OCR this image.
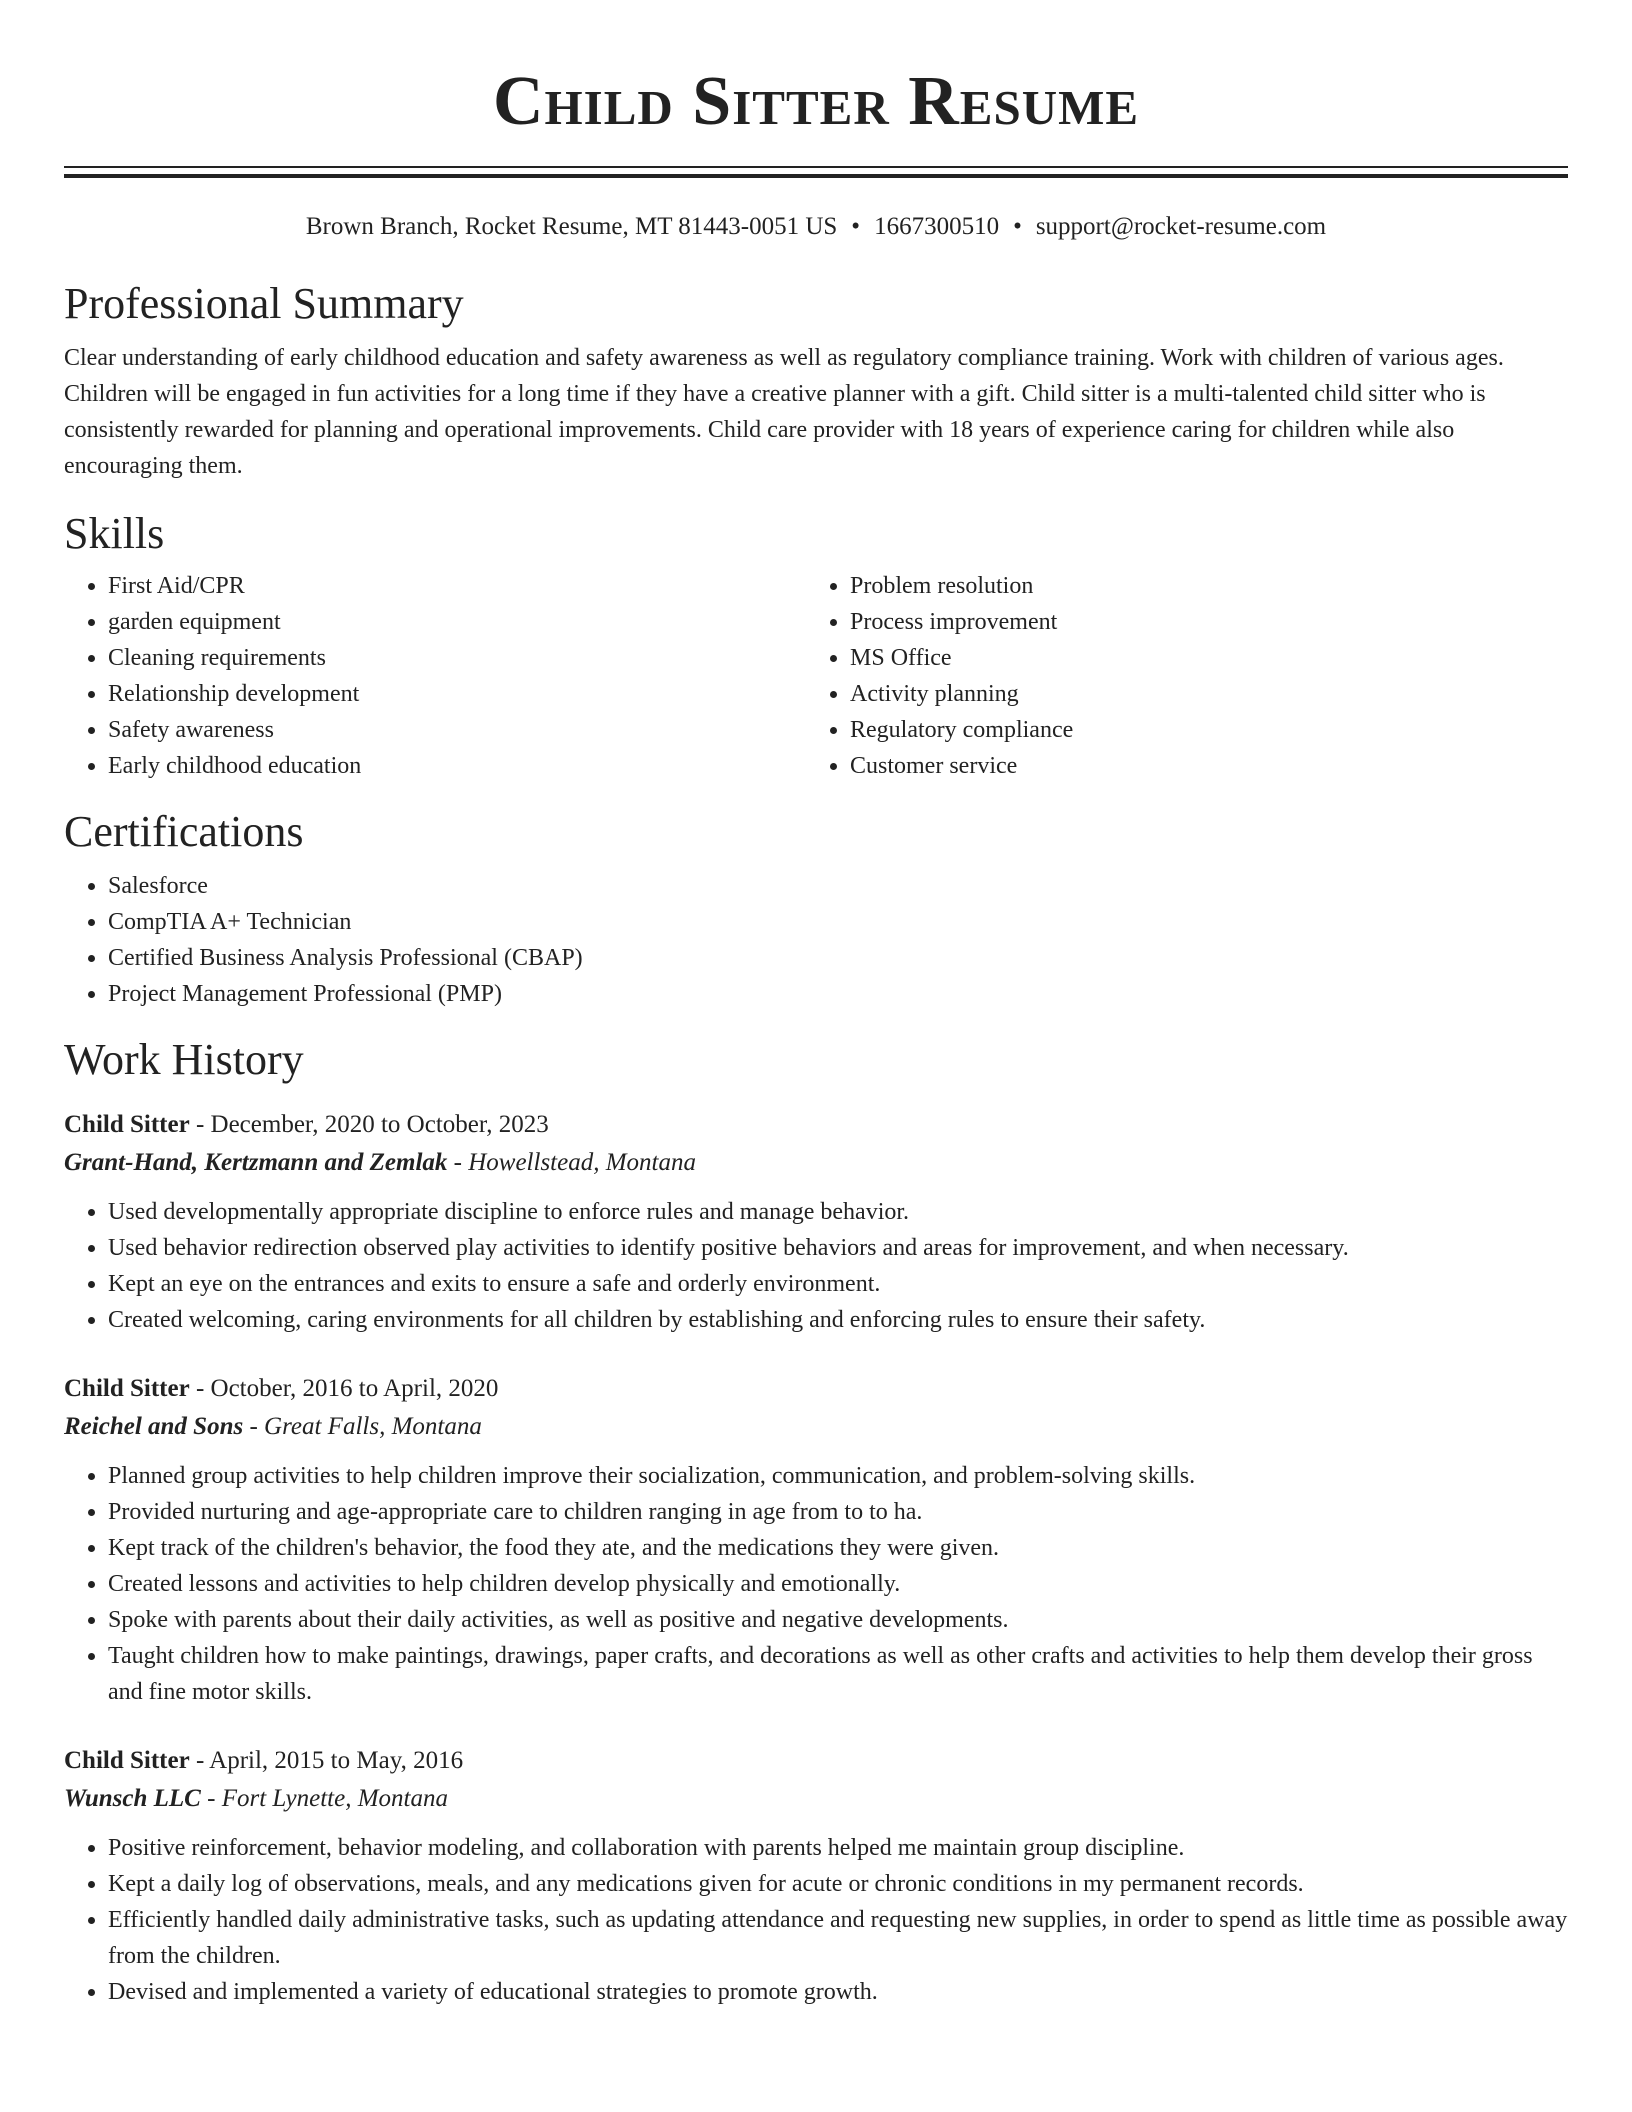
Child Sitter Resume
Brown Branch, Rocket Resume, MT 81443-0051 US • 1667300510 • support@rocket-resume.com
Professional Summary

Clear understanding of early childhood education and safety awareness as well as regulatory compliance training. Work with children of various ages. Children will be engaged in fun activities for a long time if they have a creative planner with a gift. Child sitter is a multi-talented child sitter who is consistently rewarded for planning and operational improvements. Child care provider with 18 years of experience caring for children while also encouraging them.

Skills
• First Aid/CPR
• garden equipment
• Cleaning requirements
• Relationship development
• Safety awareness
• Early childhood education
• Problem resolution
• Process improvement
• MS Office
• Activity planning
• Regulatory compliance
• Customer service
Certifications
• Salesforce
• CompTIA A+ Technician
• Certified Business Analysis Professional (CBAP)
• Project Management Professional (PMP)
Work History
Child Sitter - December, 2020 to October, 2023
Grant-Hand, Kertzmann and Zemlak - Howellstead, Montana
• Used developmentally appropriate discipline to enforce rules and manage behavior.
• Used behavior redirection observed play activities to identify positive behaviors and areas for improvement, and when necessary.
• Kept an eye on the entrances and exits to ensure a safe and orderly environment.
• Created welcoming, caring environments for all children by establishing and enforcing rules to ensure their safety.
Child Sitter - October, 2016 to April, 2020
Reichel and Sons - Great Falls, Montana
• Planned group activities to help children improve their socialization, communication, and problem-solving skills.
• Provided nurturing and age-appropriate care to children ranging in age from to to ha.
• Kept track of the children's behavior, the food they ate, and the medications they were given.
• Created lessons and activities to help children develop physically and emotionally.
• Spoke with parents about their daily activities, as well as positive and negative developments.
• Taught children how to make paintings, drawings, paper crafts, and decorations as well as other crafts and activities to help them develop their gross and fine motor skills.
Child Sitter - April, 2015 to May, 2016
Wunsch LLC - Fort Lynette, Montana
• Positive reinforcement, behavior modeling, and collaboration with parents helped me maintain group discipline.
• Kept a daily log of observations, meals, and any medications given for acute or chronic conditions in my permanent records.
• Efficiently handled daily administrative tasks, such as updating attendance and requesting new supplies, in order to spend as little time as possible away from the children.
• Devised and implemented a variety of educational strategies to promote growth.
